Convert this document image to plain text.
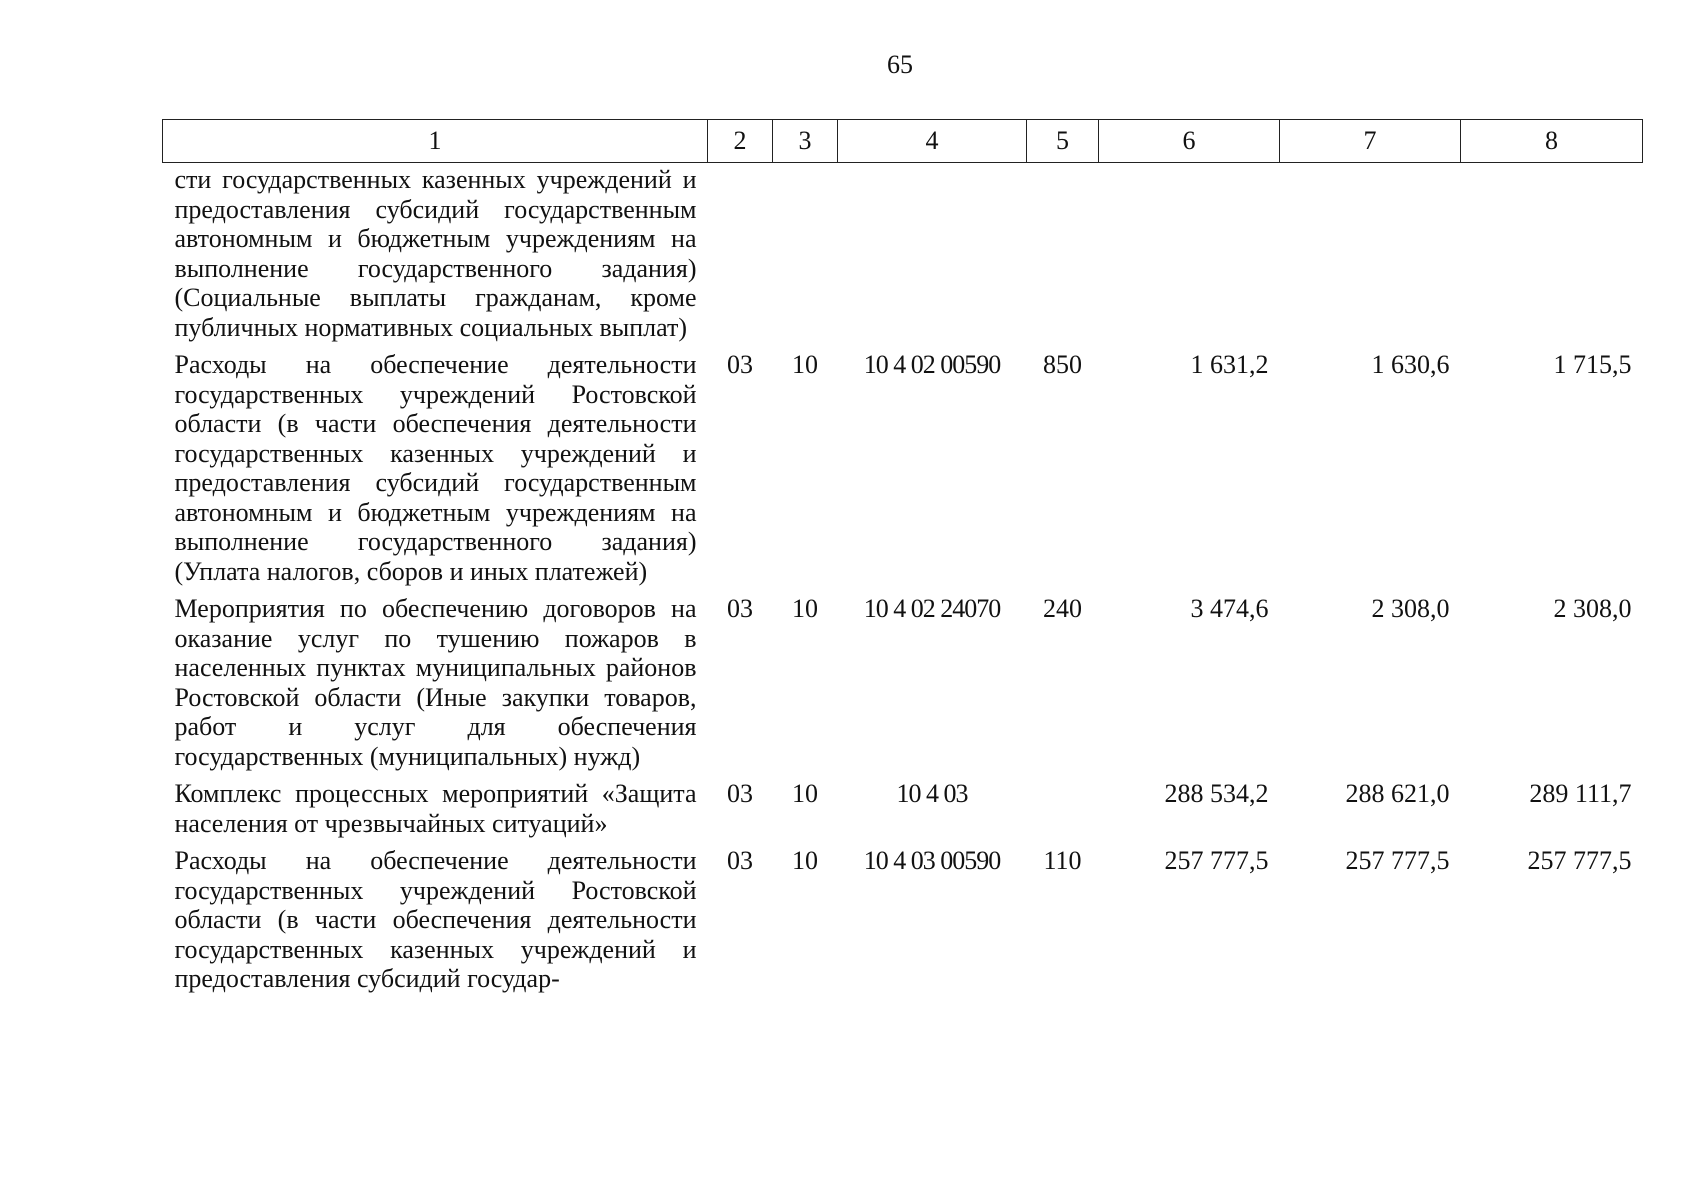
65
1	2	3	4	5	6	7	8
сти государственных казенных учреждений и предоставления субсидий государственным автономным и бюджетным учреждениям на выполнение государственного задания) (Социальные выплаты гражданам, кроме публичных нормативных социальных выплат)							
Расходы на обеспечение деятельности государственных учреждений Ростовской области (в части обеспечения деятельности государственных казенных учреждений и предоставления субсидий государственным автономным и бюджетным учреждениям на выполнение государственного задания) (Уплата налогов, сборов и иных платежей)	03	10	10 4 02 00590	850	1 631,2	1 630,6	1 715,5
Мероприятия по обеспечению договоров на оказание услуг по тушению пожаров в населенных пунктах муниципальных районов Ростовской области (Иные закупки товаров, работ и услуг для обеспечения государственных (муниципальных) нужд)	03	10	10 4 02 24070	240	3 474,6	2 308,0	2 308,0
Комплекс процессных мероприятий «Защита населения от чрезвычайных ситуаций»	03	10	10 4 03		288 534,2	288 621,0	289 111,7
Расходы на обеспечение деятельности государственных учреждений Ростовской области (в части обеспечения деятельности государственных казенных учреждений и предоставления субсидий государ-	03	10	10 4 03 00590	110	257 777,5	257 777,5	257 777,5
